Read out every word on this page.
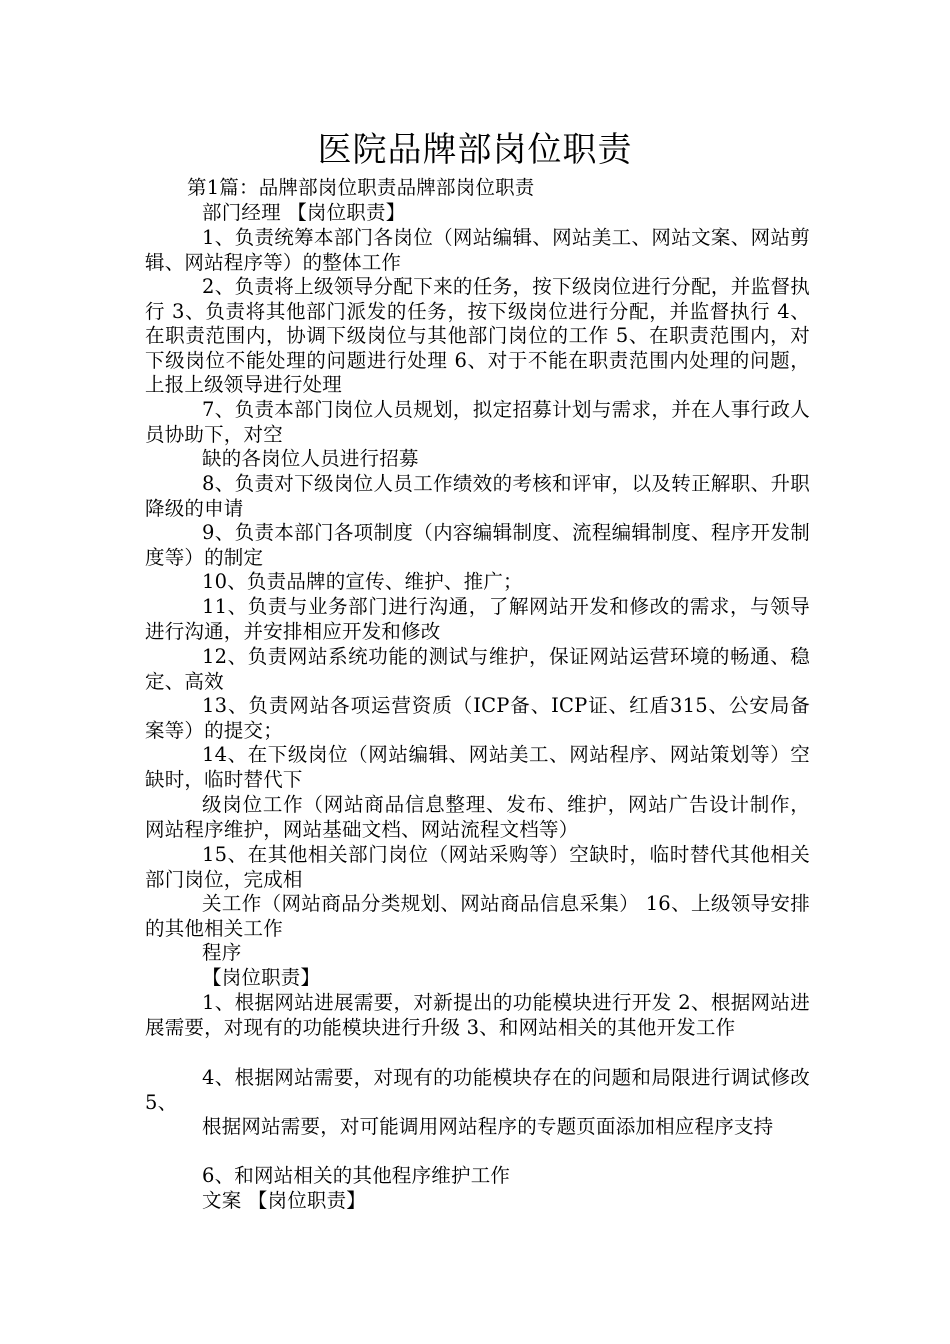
医院品牌部岗位职责
第1篇：品牌部岗位职责品牌部岗位职责
部门经理 【岗位职责】
1、负责统筹本部门各岗位（网站编辑、网站美工、网站文案、网站剪辑、网站程序等）的整体工作
2、负责将上级领导分配下来的任务，按下级岗位进行分配，并监督执行 3、负责将其他部门派发的任务，按下级岗位进行分配，并监督执行 4、在职责范围内，协调下级岗位与其他部门岗位的工作 5、在职责范围内，对下级岗位不能处理的问题进行处理 6、对于不能在职责范围内处理的问题，上报上级领导进行处理
7、负责本部门岗位人员规划，拟定招募计划与需求，并在人事行政人员协助下，对空
缺的各岗位人员进行招募
8、负责对下级岗位人员工作绩效的考核和评审，以及转正解职、升职降级的申请
9、负责本部门各项制度（内容编辑制度、流程编辑制度、程序开发制度等）的制定
10、负责品牌的宣传、维护、推广；
11、负责与业务部门进行沟通，了解网站开发和修改的需求，与领导进行沟通，并安排相应开发和修改
12、负责网站系统功能的测试与维护，保证网站运营环境的畅通、稳定、高效
13、负责网站各项运营资质（ICP备、ICP证、红盾315、公安局备案等）的提交；
14、在下级岗位（网站编辑、网站美工、网站程序、网站策划等）空缺时，临时替代下
级岗位工作（网站商品信息整理、发布、维护，网站广告设计制作，网站程序维护，网站基础文档、网站流程文档等）
15、在其他相关部门岗位（网站采购等）空缺时，临时替代其他相关部门岗位，完成相
关工作（网站商品分类规划、网站商品信息采集） 16、上级领导安排的其他相关工作
程序
【岗位职责】
1、根据网站进展需要，对新提出的功能模块进行开发 2、根据网站进展需要，对现有的功能模块进行升级 3、和网站相关的其他开发工作
4、根据网站需要，对现有的功能模块存在的问题和局限进行调试修改 5、
根据网站需要，对可能调用网站程序的专题页面添加相应程序支持
6、和网站相关的其他程序维护工作
文案 【岗位职责】
